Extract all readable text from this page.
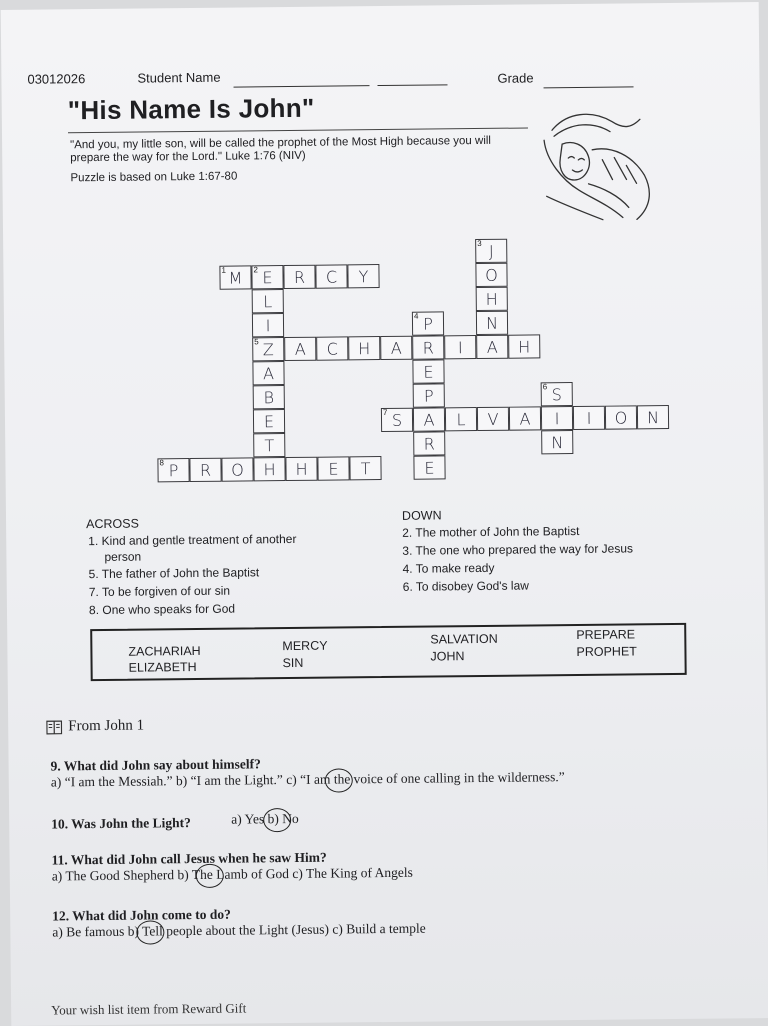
03012026	Student Name	Grade
"His Name Is John"
"And you, my little son, will be called the prophet of the Most High because you will prepare the way for the Lord." Luke 1:76 (NIV)
Puzzle is based on Luke 1:67-80
1 M 2 E R C Y
L
I
5 Z
A
B
E
T
H
3 J
O
H
N
4 P
R
E
P
A
R
E
A C H A	I A H
6 S
I
N
7 S	L V A	I O N
8 P R O	H E T
ACROSS
1. Kind and gentle treatment of another
person
5. The father of John the Baptist
7. To be forgiven of our sin
8. One who speaks for God
DOWN
2. The mother of John the Baptist
3. The one who prepared the way for Jesus
4. To make ready
6. To disobey God's law
ZACHARIAH
ELIZABETH
MERCY
SIN
SALVATION
JOHN
PREPARE
PROPHET
From John 1
9. What did John say about himself?
a) “I am the Messiah.” b) “I am the Light.” c) “I am the voice of one calling in the wilderness.”
10. Was John the Light?	a) Yes b) No
11. What did John call Jesus when he saw Him?
a) The Good Shepherd b) The Lamb of God c) The King of Angels
12. What did John come to do?
a) Be famous b) Tell people about the Light (Jesus) c) Build a temple
Your wish list item from Reward Gift
